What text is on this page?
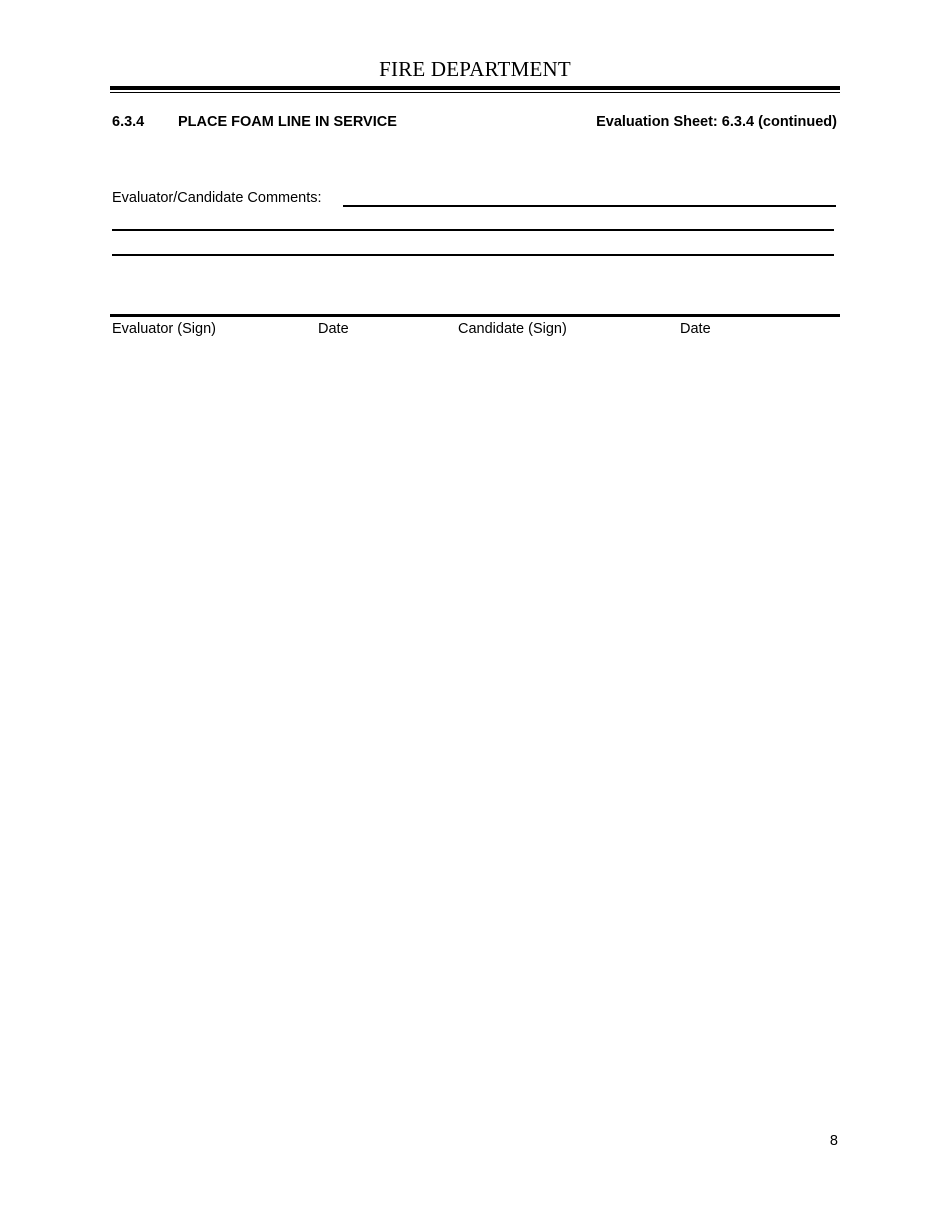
FIRE DEPARTMENT
6.3.4 PLACE FOAM LINE IN SERVICE	Evaluation Sheet: 6.3.4 (continued)
Evaluator/Candidate Comments:
Evaluator (Sign)	Date	Candidate (Sign)	Date
8
